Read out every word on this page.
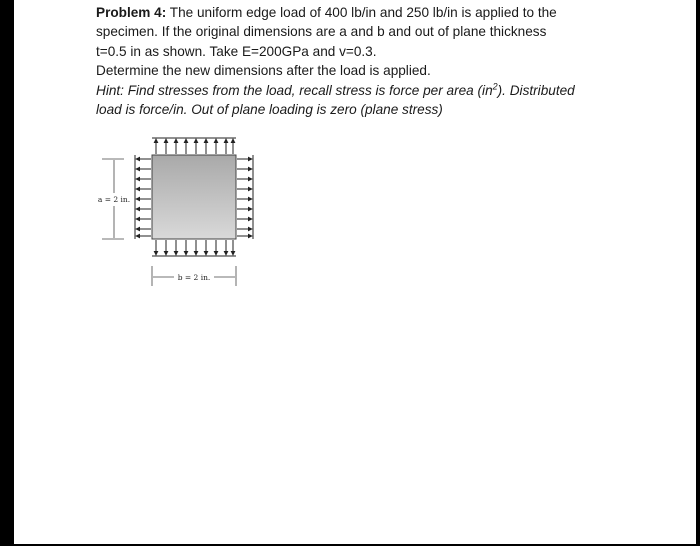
Problem 4: The uniform edge load of 400 lb/in and 250 lb/in is applied to the

specimen. If the original dimensions are a and b and out of plane thickness

t=0.5 in as shown. Take E=200GPa and v=0.3.

Determine the new dimensions after the load is applied.

Hint: Find stresses from the load, recall stress is force per area $(in^2)$. Distributed

load is force/in. Out of plane loading is zero (plane stress)

a = 2 in.
b = 2 in.
